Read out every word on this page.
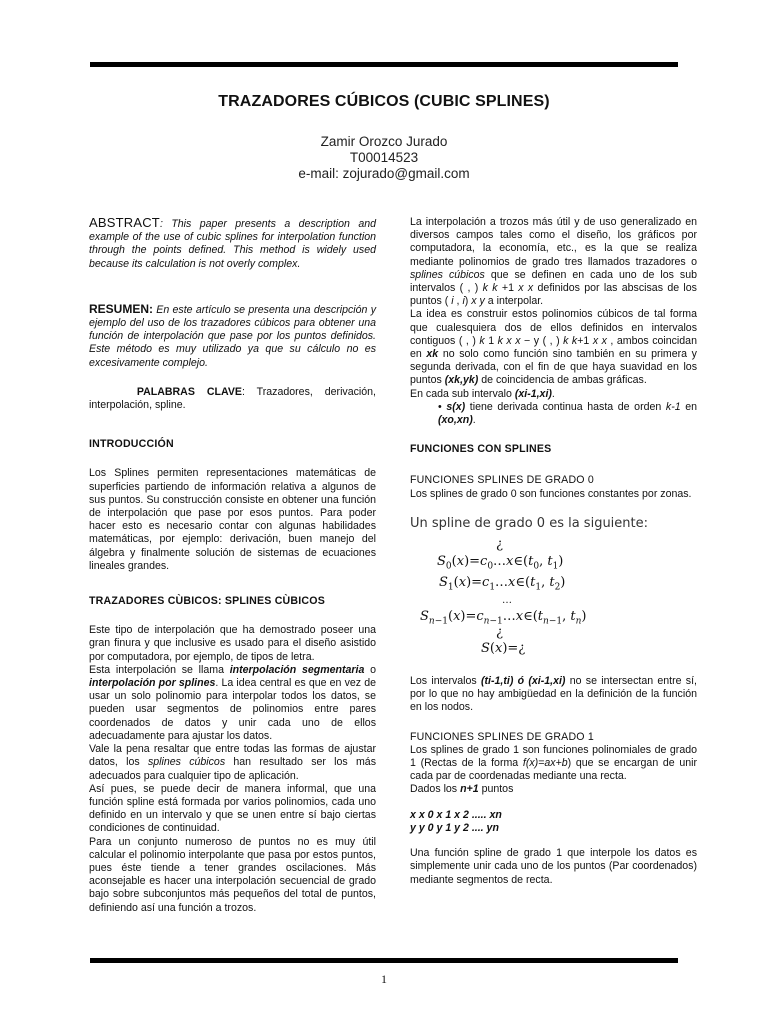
TRAZADORES CÚBICOS (CUBIC SPLINES)
Zamir Orozco Jurado
T00014523
e-mail: zojurado@gmail.com

ABSTRACT: This paper presents a description and example of the use of cubic splines for interpolation function through the points defined. This method is widely used because its calculation is not overly complex.

RESUMEN: En este artículo se presenta una descripción y ejemplo del uso de los trazadores cúbicos para obtener una función de interpolación que pase por los puntos definidos. Este método es muy utilizado ya que su cálculo no es excesivamente complejo.

PALABRAS CLAVE: Trazadores, derivación, interpolación, spline.

INTRODUCCIÓN

Los Splines permiten representaciones matemáticas de superficies partiendo de información relativa a algunos de sus puntos. Su construcción consiste en obtener una función de interpolación que pase por esos puntos. Para poder hacer esto es necesario contar con algunas habilidades matemáticas, por ejemplo: derivación, buen manejo del álgebra y finalmente solución de sistemas de ecuaciones lineales grandes.

TRAZADORES CÙBICOS: SPLINES CÙBICOS

Este tipo de interpolación que ha demostrado poseer una gran finura y que inclusive es usado para el diseño asistido por computadora, por ejemplo, de tipos de letra.

Esta interpolación se llama interpolación segmentaria o interpolación por splines. La idea central es que en vez de usar un solo polinomio para interpolar todos los datos, se pueden usar segmentos de polinomios entre pares coordenados de datos y unir cada uno de ellos adecuadamente para ajustar los datos.

Vale la pena resaltar que entre todas las formas de ajustar datos, los splines cúbicos han resultado ser los más adecuados para cualquier tipo de aplicación.

Así pues, se puede decir de manera informal, que una función spline está formada por varios polinomios, cada uno definido en un intervalo y que se unen entre sí bajo ciertas condiciones de continuidad.

Para un conjunto numeroso de puntos no es muy útil calcular el polinomio interpolante que pasa por estos puntos, pues éste tiende a tener grandes oscilaciones. Más aconsejable es hacer una interpolación secuencial de grado bajo sobre subconjuntos más pequeños del total de puntos, definiendo así una función a trozos.

La interpolación a trozos más útil y de uso generalizado en diversos campos tales como el diseño, los gráficos por computadora, la economía, etc., es la que se realiza mediante polinomios de grado tres llamados trazadores o splines cúbicos que se definen en cada uno de los sub intervalos ( , ) k k +1 x x definidos por las abscisas de los puntos ( i , i) x y a interpolar.

La idea es construir estos polinomios cúbicos de tal forma que cualesquiera dos de ellos definidos en intervalos contiguos ( , ) k 1 k x x − y ( , ) k k+1 x x , ambos coincidan en xk no solo como función sino también en su primera y segunda derivada, con el fin de que haya suavidad en los puntos (xk,yk) de coincidencia de ambas gráficas.

En cada sub intervalo (xi-1,xi).

• s(x) tiene derivada continua hasta de orden k-1 en (xo,xn).

FUNCIONES CON SPLINES

FUNCIONES SPLINES DE GRADO 0

Los splines de grado 0 son funciones constantes por zonas.

Un spline de grado 0 es la siguiente:

¿
$S_0(x)=c_0\dots x\in(t_0$, $t_1$)
$S_1(x)=c_1\dots x\in(t_1$, $t_2$)
…
$S_{n-1}(x)=c_{n-1}\dots x\in(t_{n-1}$, $t_n$)
¿
S(x)=¿

Los intervalos (ti-1,ti) ó (xi-1,xi) no se intersectan entre sí, por lo que no hay ambigüedad en la definición de la función en los nodos.

FUNCIONES SPLINES DE GRADO 1

Los splines de grado 1 son funciones polinomiales de grado 1 (Rectas de la forma f(x)=ax+b) que se encargan de unir cada par de coordenadas mediante una recta.

Dados los n+1 puntos

x x 0 x 1 x 2 ..... xn

y y 0 y 1 y 2 .... yn

Una función spline de grado 1 que interpole los datos es simplemente unir cada uno de los puntos (Par coordenados) mediante segmentos de recta.

1
